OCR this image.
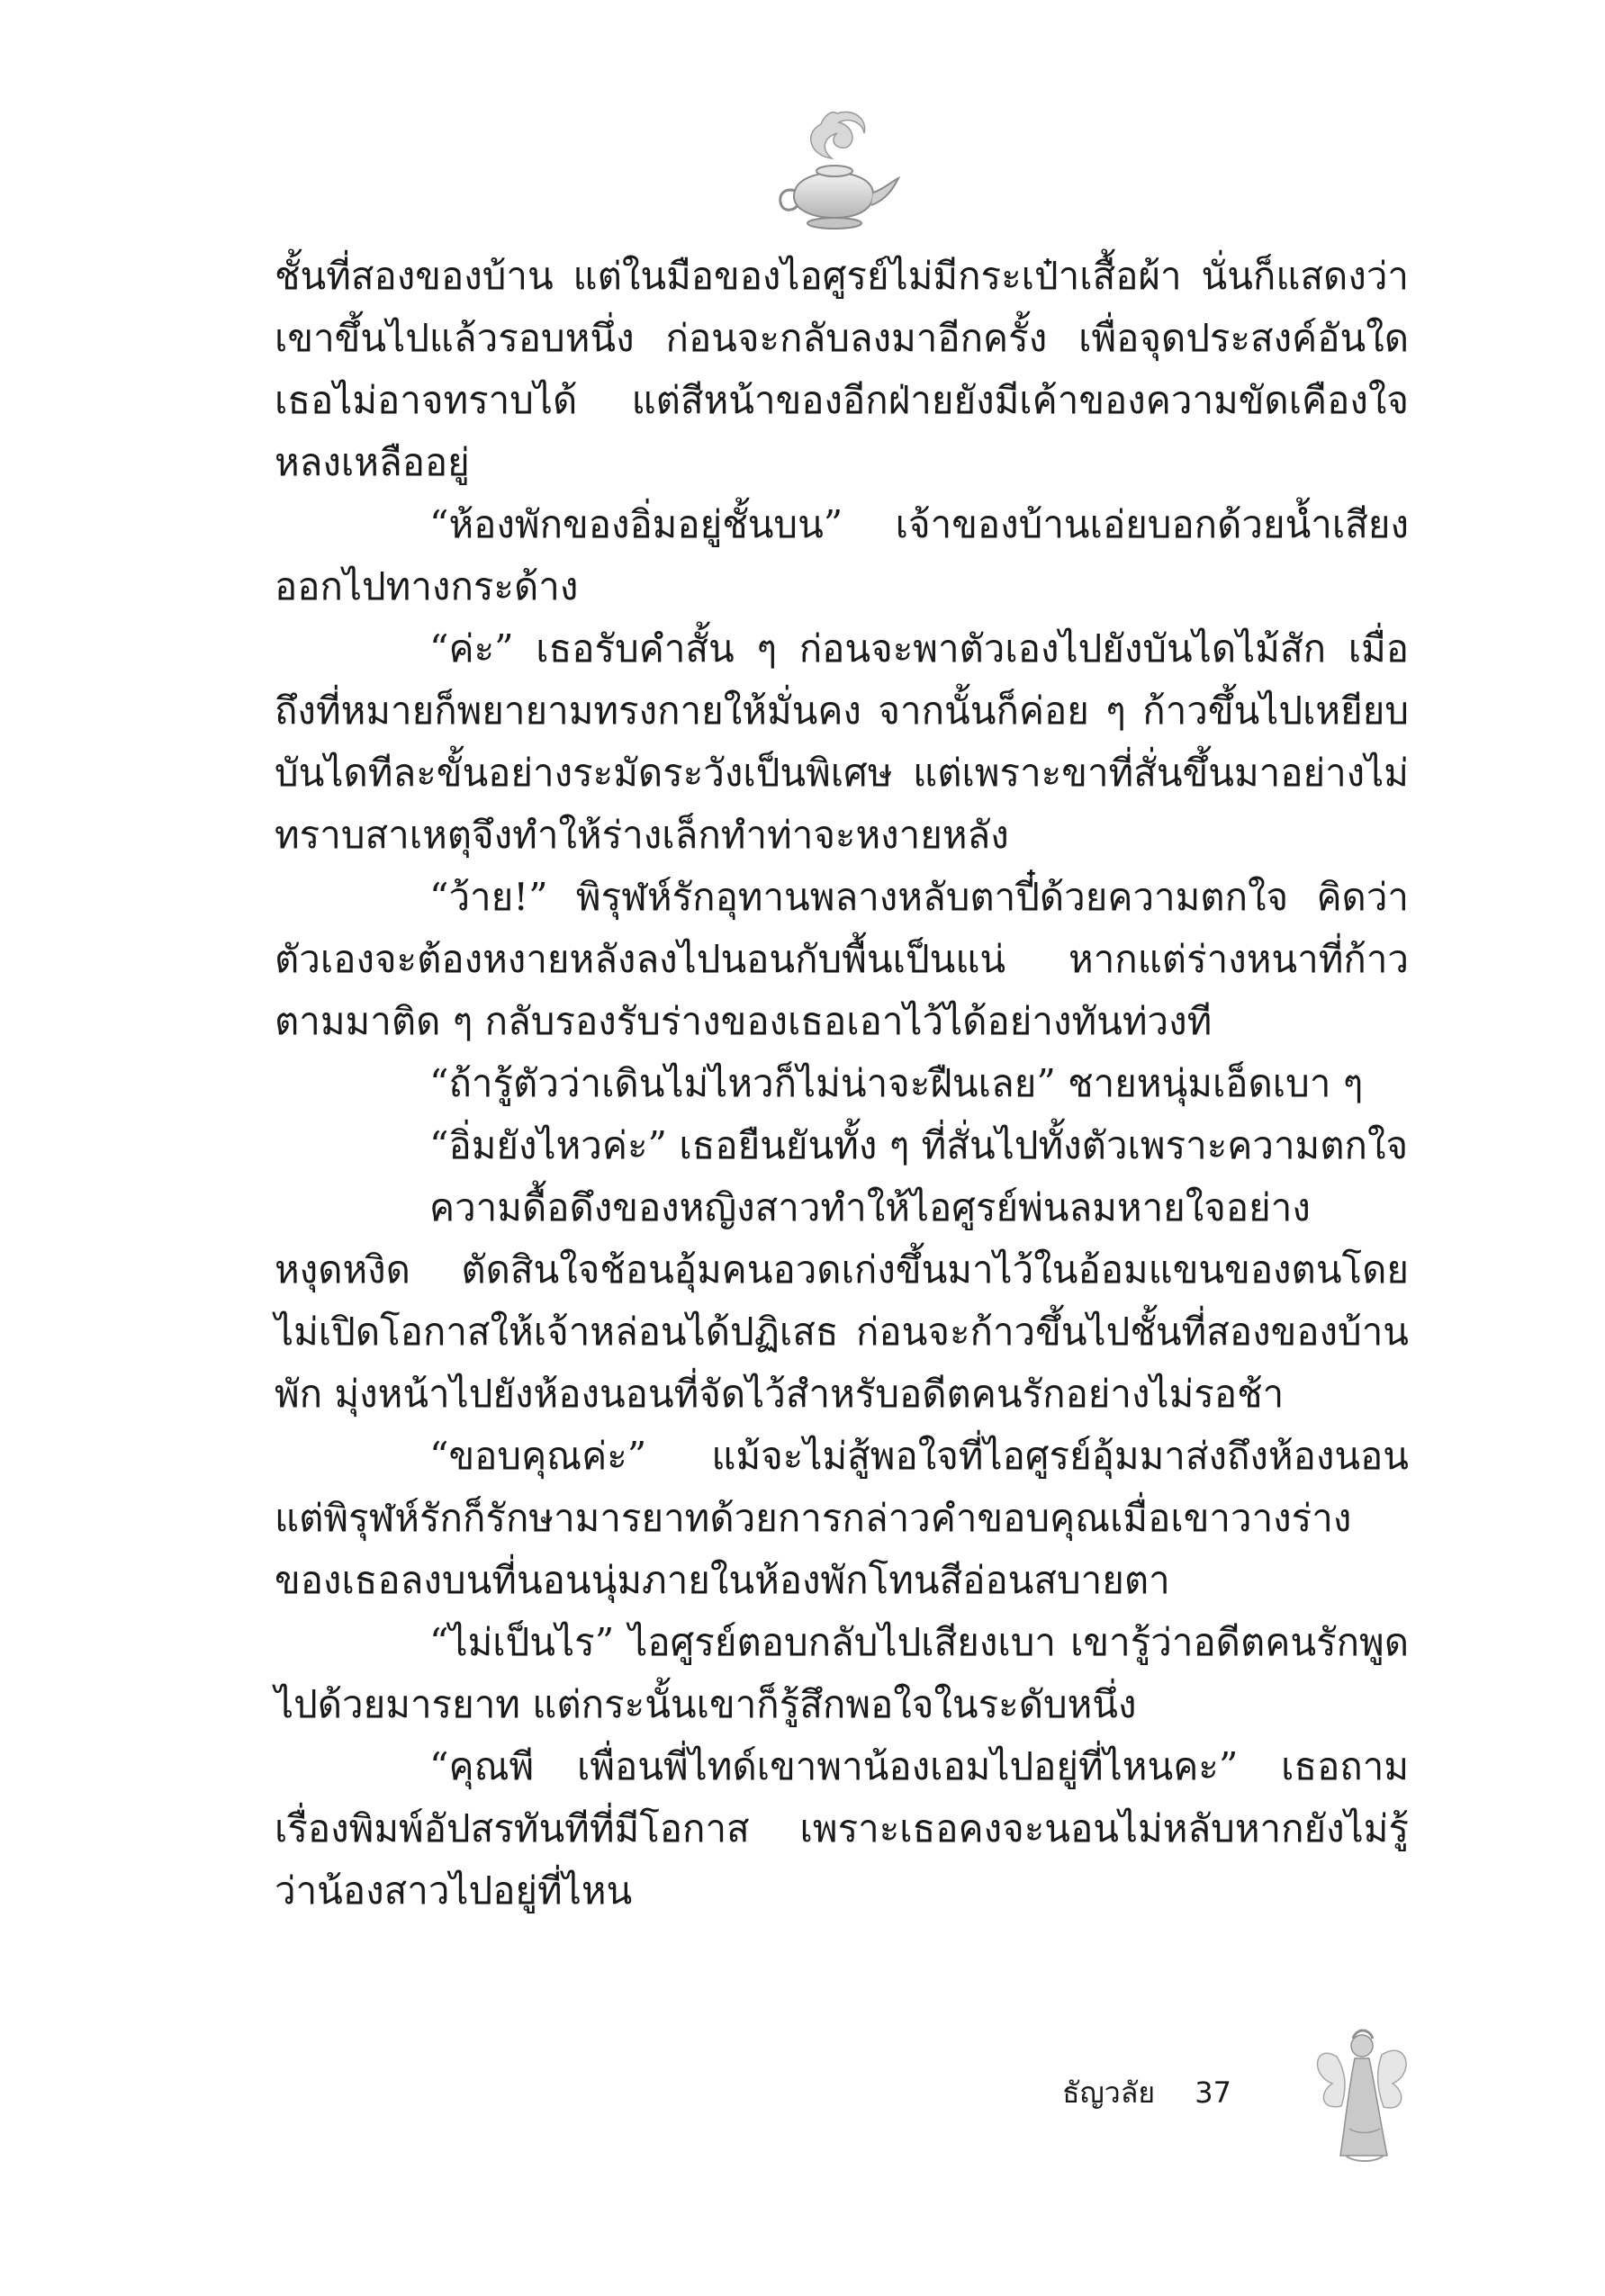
ชั้นที่สองของบ้าน แต่ในมือของไอศูรย์ไม่มีกระเป๋าเสื้อผ้า นั่นก็แสดงว่าเขาขึ้นไปแล้วรอบหนึ่ง ก่อนจะกลับลงมาอีกครั้ง เพื่อจุดประสงค์อันใดเธอไม่อาจทราบได้ แต่สีหน้าของอีกฝ่ายยังมีเค้าของความขัดเคืองใจหลงเหลืออยู่

“ห้องพักของอิ่มอยู่ชั้นบน” เจ้าของบ้านเอ่ยบอกด้วยน้ำเสียงออกไปทางกระด้าง

“ค่ะ” เธอรับคำสั้น ๆ ก่อนจะพาตัวเองไปยังบันไดไม้สัก เมื่อถึงที่หมายก็พยายามทรงกายให้มั่นคง จากนั้นก็ค่อย ๆ ก้าวขึ้นไปเหยียบบันไดทีละขั้นอย่างระมัดระวังเป็นพิเศษ แต่เพราะขาที่สั่นขึ้นมาอย่างไม่ทราบสาเหตุจึงทำให้ร่างเล็กทำท่าจะหงายหลัง

“ว้าย!” พิรุฬห์รักอุทานพลางหลับตาปี๋ด้วยความตกใจ คิดว่าตัวเองจะต้องหงายหลังลงไปนอนกับพื้นเป็นแน่ หากแต่ร่างหนาที่ก้าวตามมาติด ๆ กลับรองรับร่างของเธอเอาไว้ได้อย่างทันท่วงที

“ถ้ารู้ตัวว่าเดินไม่ไหวก็ไม่น่าจะฝืนเลย” ชายหนุ่มเอ็ดเบา ๆ

“อิ่มยังไหวค่ะ” เธอยืนยันทั้ง ๆ ที่สั่นไปทั้งตัวเพราะความตกใจ

ความดื้อดึงของหญิงสาวทำให้ไอศูรย์พ่นลมหายใจอย่างหงุดหงิด ตัดสินใจช้อนอุ้มคนอวดเก่งขึ้นมาไว้ในอ้อมแขนของตนโดยไม่เปิดโอกาสให้เจ้าหล่อนได้ปฏิเสธ ก่อนจะก้าวขึ้นไปชั้นที่สองของบ้านพัก มุ่งหน้าไปยังห้องนอนที่จัดไว้สำหรับอดีตคนรักอย่างไม่รอช้า

“ขอบคุณค่ะ” แม้จะไม่สู้พอใจที่ไอศูรย์อุ้มมาส่งถึงห้องนอน แต่พิรุฬห์รักก็รักษามารยาทด้วยการกล่าวคำขอบคุณเมื่อเขาวางร่างของเธอลงบนที่นอนนุ่มภายในห้องพักโทนสีอ่อนสบายตา

“ไม่เป็นไร” ไอศูรย์ตอบกลับไปเสียงเบา เขารู้ว่าอดีตคนรักพูดไปด้วยมารยาท แต่กระนั้นเขาก็รู้สึกพอใจในระดับหนึ่ง

“คุณพี เพื่อนพี่ไทด์เขาพาน้องเอมไปอยู่ที่ไหนคะ” เธอถามเรื่องพิมพ์อัปสรทันทีที่มีโอกาส เพราะเธอคงจะนอนไม่หลับหากยังไม่รู้ว่าน้องสาวไปอยู่ที่ไหน

ธัญวลัย 37
